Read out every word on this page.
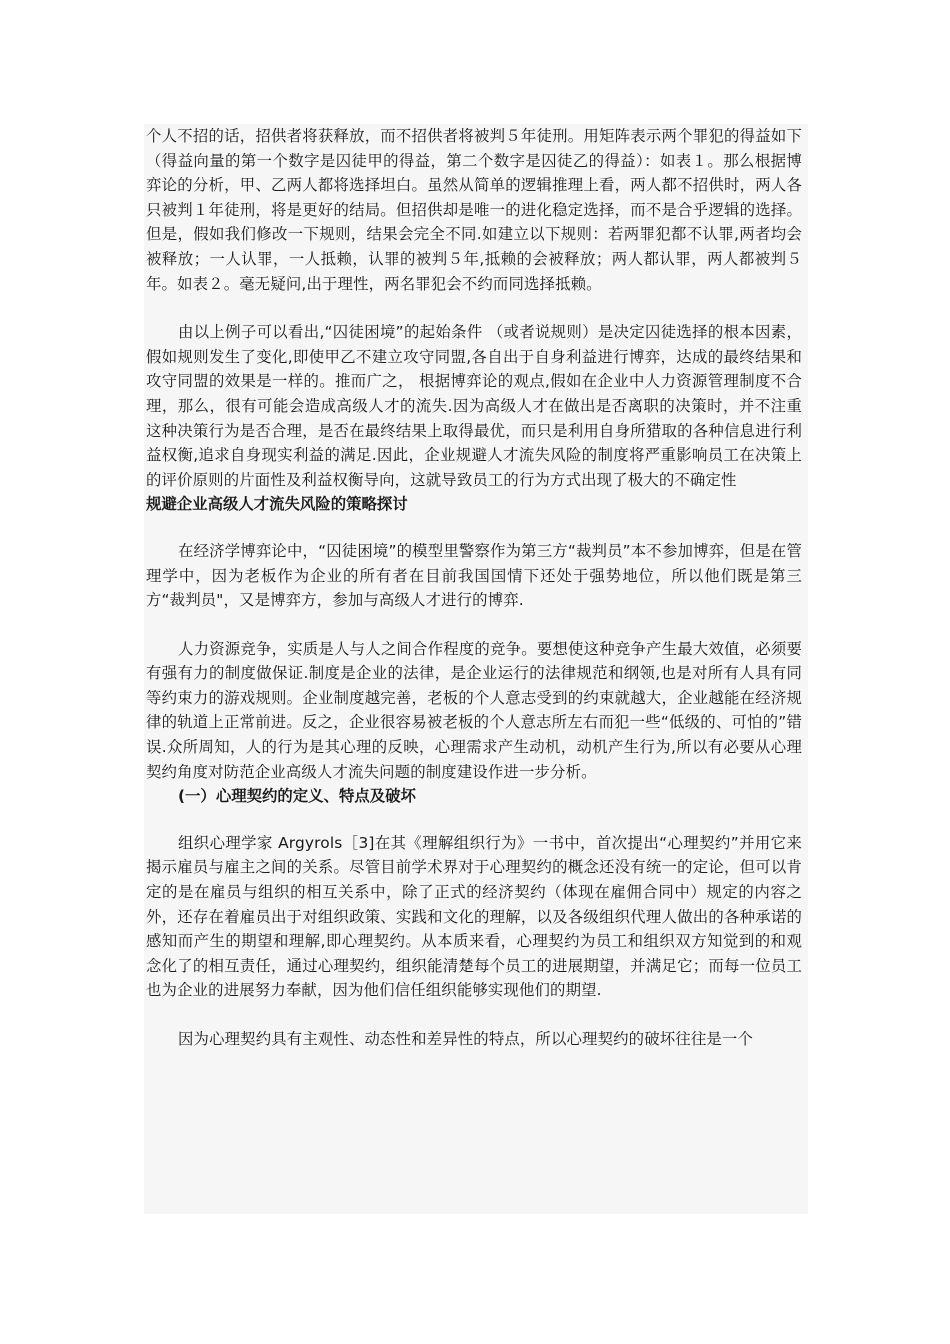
个人不招的话，招供者将获释放，而不招供者将被判５年徒刑。用矩阵表示两个罪犯的得益如下（得益向量的第一个数字是囚徒甲的得益，第二个数字是囚徒乙的得益）：如表１。那么根据博弈论的分析，甲、乙两人都将选择坦白。虽然从简单的逻辑推理上看，两人都不招供时，两人各只被判１年徒刑，将是更好的结局。但招供却是唯一的进化稳定选择，而不是合乎逻辑的选择。但是，假如我们修改一下规则，结果会完全不同.如建立以下规则：若两罪犯都不认罪,两者均会被释放；一人认罪，一人抵赖，认罪的被判５年,抵赖的会被释放；两人都认罪，两人都被判５年。如表２。毫无疑问,出于理性，两名罪犯会不约而同选择抵赖。

由以上例子可以看出,“囚徒困境”的起始条件 （或者说规则）是决定囚徒选择的根本因素，假如规则发生了变化,即使甲乙不建立攻守同盟,各自出于自身利益进行博弈，达成的最终结果和攻守同盟的效果是一样的。推而广之， 根据博弈论的观点,假如在企业中人力资源管理制度不合理，那么，很有可能会造成高级人才的流失.因为高级人才在做出是否离职的决策时，并不注重这种决策行为是否合理，是否在最终结果上取得最优，而只是利用自身所猎取的各种信息进行利益权衡,追求自身现实利益的满足.因此，企业规避人才流失风险的制度将严重影响员工在决策上的评价原则的片面性及利益权衡导向，这就导致员工的行为方式出现了极大的不确定性

规避企业高级人才流失风险的策略探讨

在经济学博弈论中，“囚徒困境”的模型里警察作为第三方“裁判员”本不参加博弈，但是在管理学中，因为老板作为企业的所有者在目前我国国情下还处于强势地位，所以他们既是第三方“裁判员"，又是博弈方，参加与高级人才进行的博弈.

人力资源竞争，实质是人与人之间合作程度的竞争。要想使这种竞争产生最大效值，必须要有强有力的制度做保证.制度是企业的法律，是企业运行的法律规范和纲领,也是对所有人具有同等约束力的游戏规则。企业制度越完善，老板的个人意志受到的约束就越大，企业越能在经济规律的轨道上正常前进。反之，企业很容易被老板的个人意志所左右而犯一些“低级的、可怕的”错误.众所周知，人的行为是其心理的反映，心理需求产生动机，动机产生行为,所以有必要从心理契约角度对防范企业高级人才流失问题的制度建设作进一步分析。

(一）心理契约的定义、特点及破坏

组织心理学家 Argyrols［3]在其《理解组织行为》一书中，首次提出“心理契约”并用它来揭示雇员与雇主之间的关系。尽管目前学术界对于心理契约的概念还没有统一的定论，但可以肯定的是在雇员与组织的相互关系中，除了正式的经济契约（体现在雇佣合同中）规定的内容之外，还存在着雇员出于对组织政策、实践和文化的理解，以及各级组织代理人做出的各种承诺的感知而产生的期望和理解,即心理契约。从本质来看，心理契约为员工和组织双方知觉到的和观念化了的相互责任，通过心理契约，组织能清楚每个员工的进展期望，并满足它；而每一位员工也为企业的进展努力奉献，因为他们信任组织能够实现他们的期望.

因为心理契约具有主观性、动态性和差异性的特点，所以心理契约的破坏往往是一个
